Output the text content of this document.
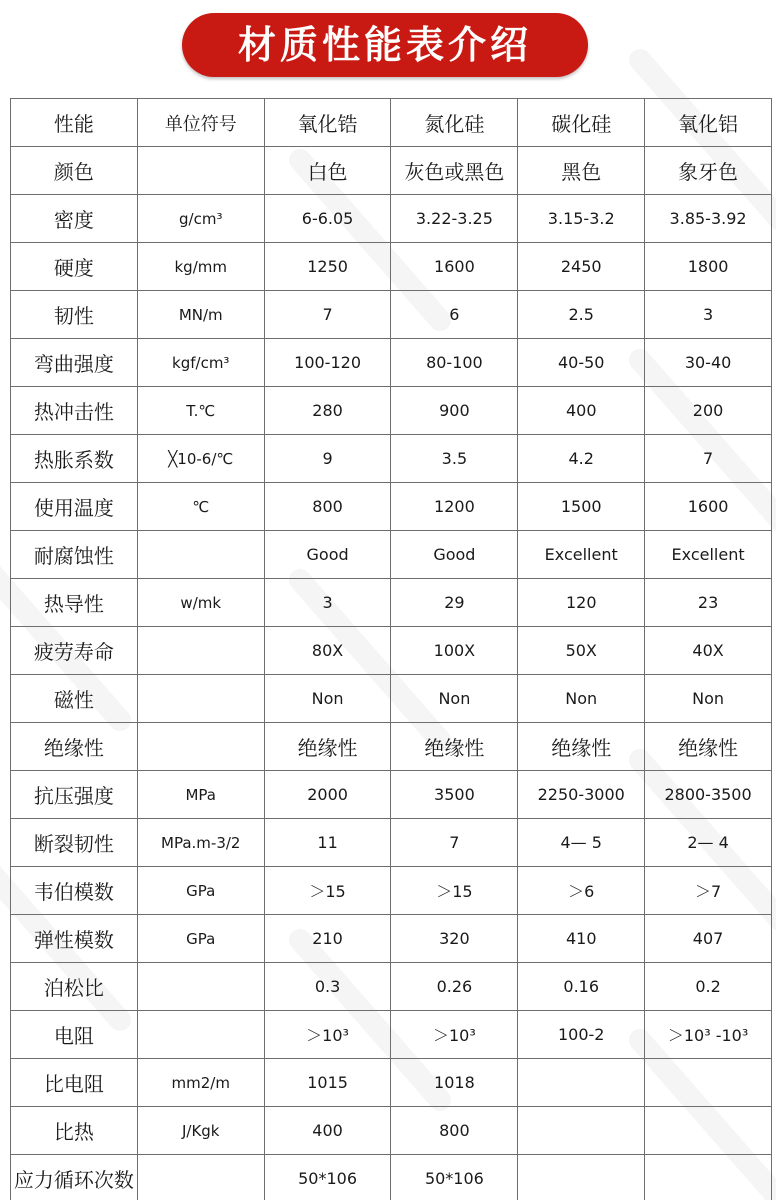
材质性能表介绍
性能	单位符号	氧化锆	氮化硅	碳化硅	氧化铝
颜色		白色	灰色或黑色	黑色	象牙色
密度	g/cm³	6-6.05	3.22-3.25	3.15-3.2	3.85-3.92
硬度	kg/mm	1250	1600	2450	1800
韧性	MN/m	7	6	2.5	3
弯曲强度	kgf/cm³	100-120	80-100	40-50	30-40
热冲击性	T.℃	280	900	400	200
热胀系数	╳10-6/℃	9	3.5	4.2	7
使用温度	℃	800	1200	1500	1600
耐腐蚀性		Good	Good	Excellent	Excellent
热导性	w/mk	3	29	120	23
疲劳寿命		80X	100X	50X	40X
磁性		Non	Non	Non	Non
绝缘性		绝缘性	绝缘性	绝缘性	绝缘性
抗压强度	MPa	2000	3500	2250-3000	2800-3500
断裂韧性	MPa.m-3/2	11	7	4— 5	2— 4
韦伯模数	GPa	＞15	＞15	＞6	＞7
弹性模数	GPa	210	320	410	407
泊松比		0.3	0.26	0.16	0.2
电阻		＞10³	＞10³	100-2	＞10³ -10³
比电阻	mm2/m	1015	1018		
比热	J/Kgk	400	800		
应力循环次数		50*106	50*106		
